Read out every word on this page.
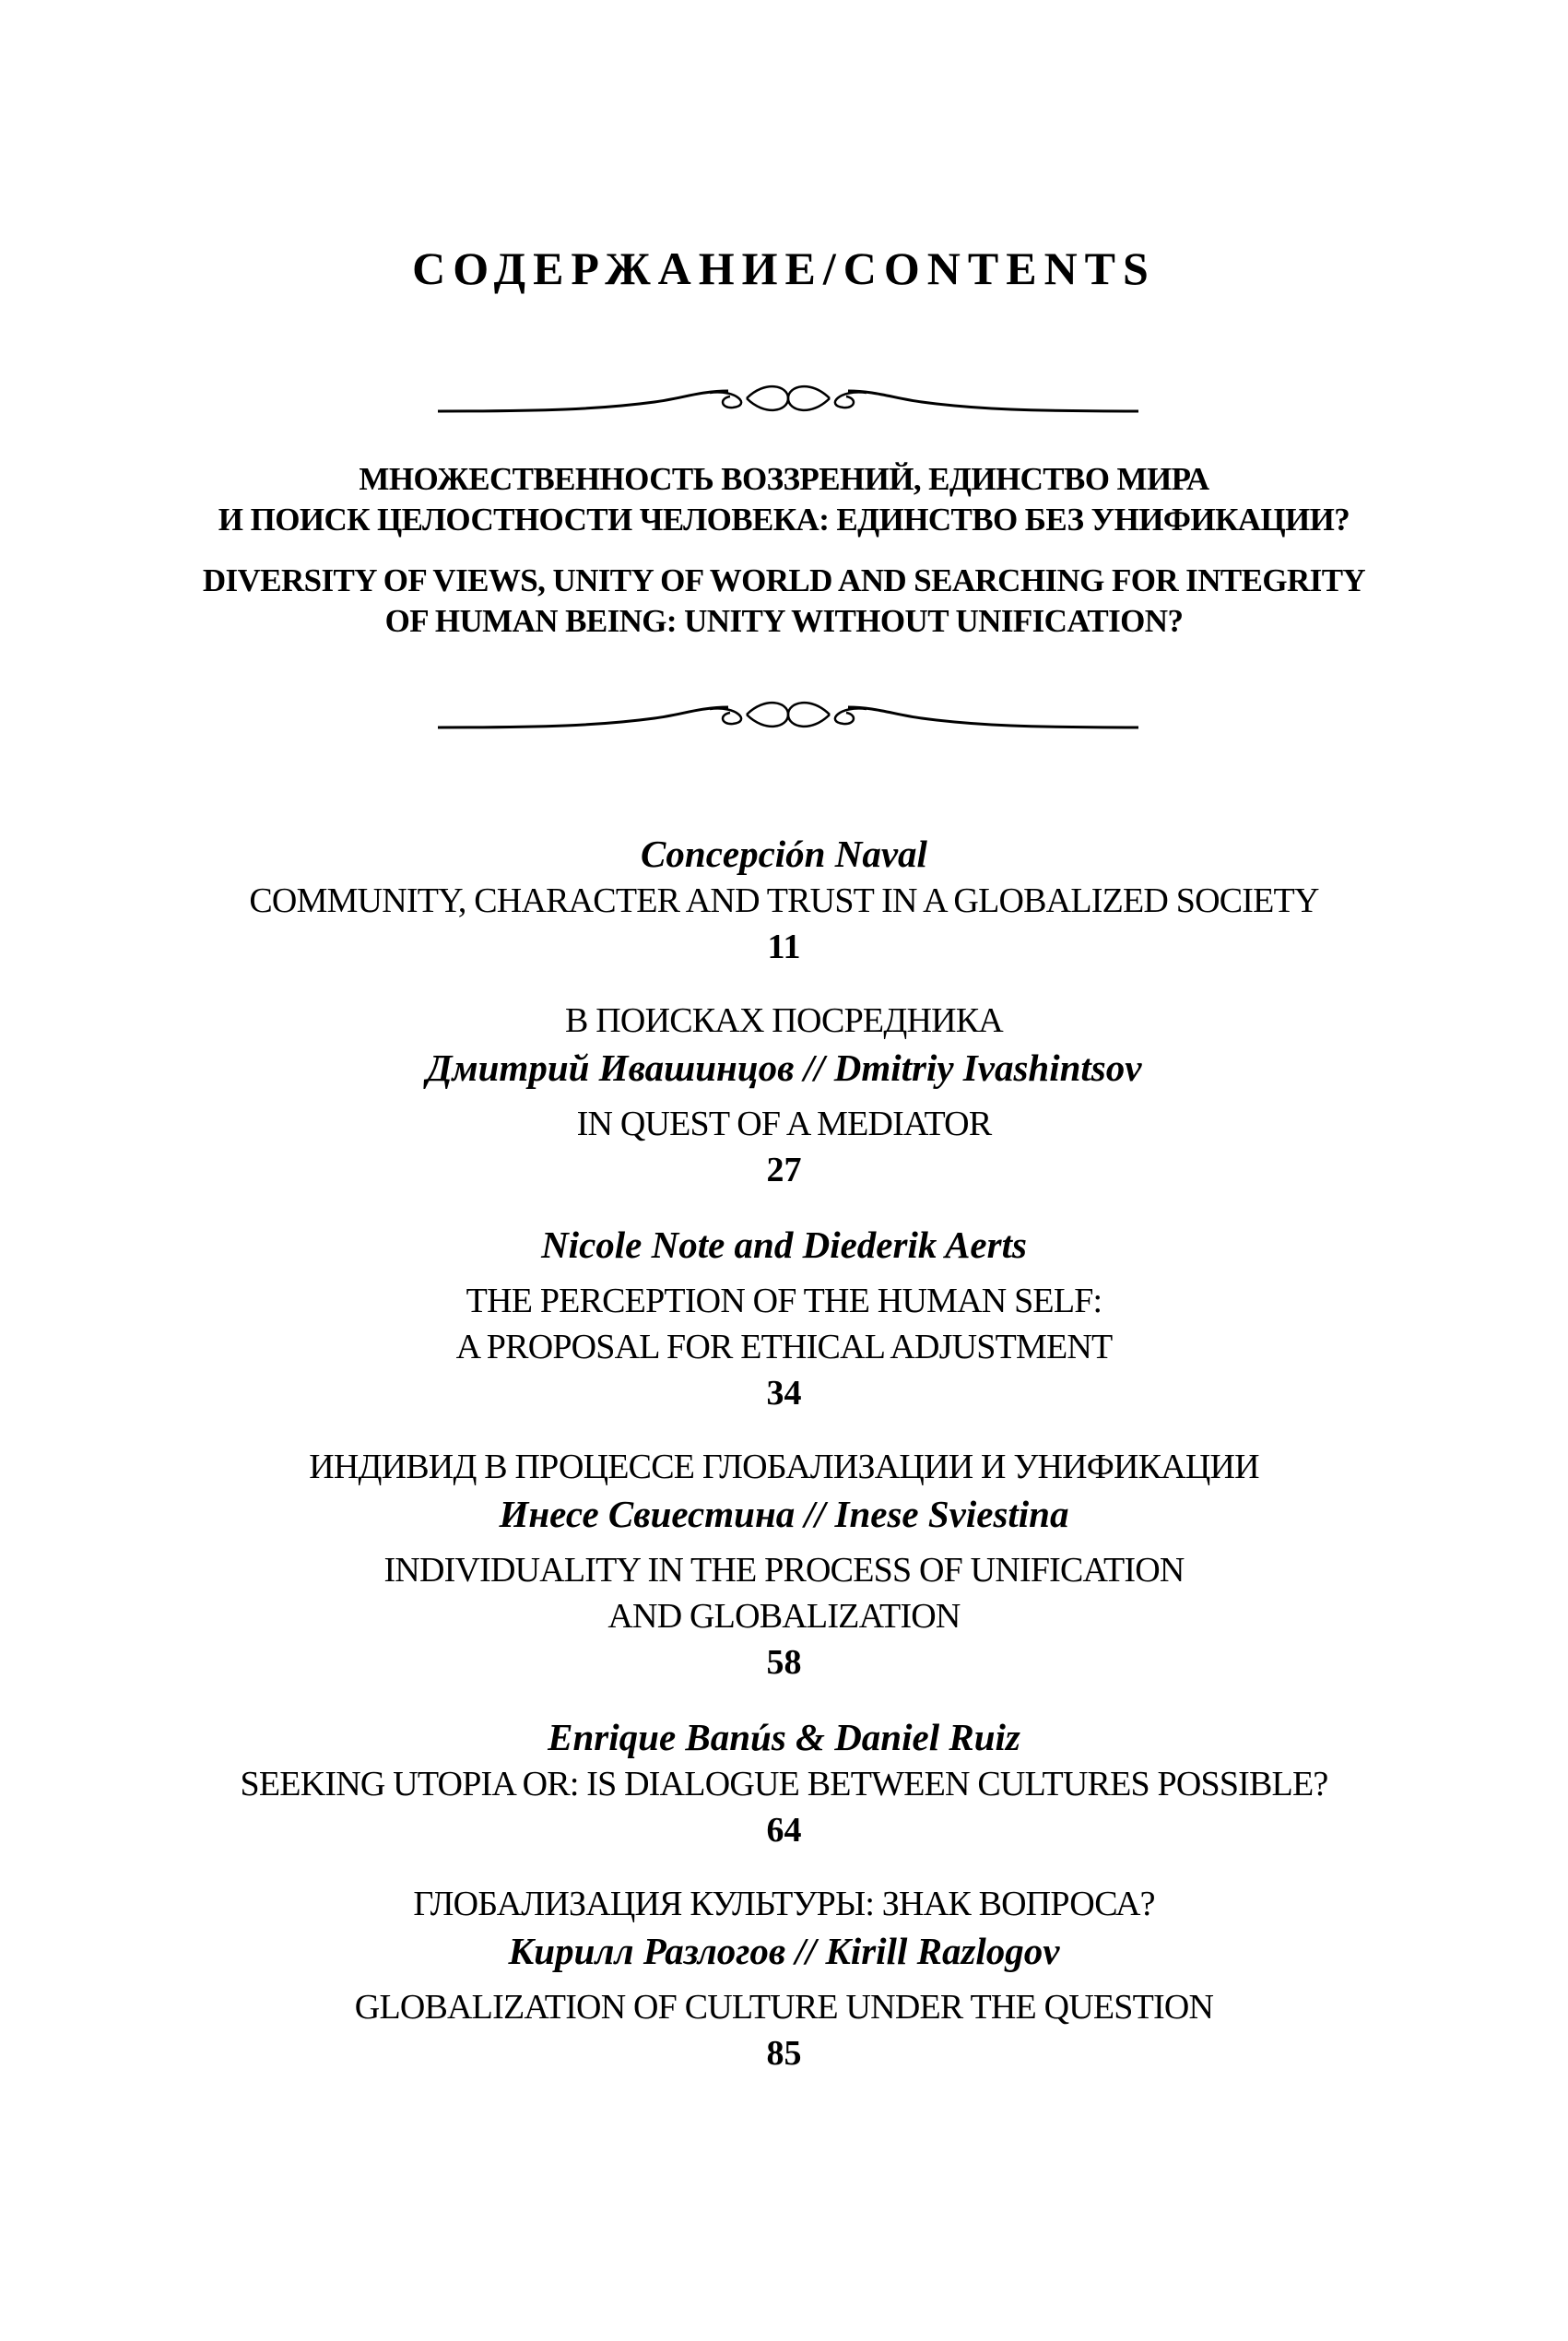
СОДЕРЖАНИЕ/CONTENTS
МНОЖЕСТВЕННОСТЬ ВОЗЗРЕНИЙ, ЕДИНСТВО МИРА
И ПОИСК ЦЕЛОСТНОСТИ ЧЕЛОВЕКА: ЕДИНСТВО БЕЗ УНИФИКАЦИИ?
DIVERSITY OF VIEWS, UNITY OF WORLD AND SEARCHING FOR INTEGRITY
OF HUMAN BEING: UNITY WITHOUT UNIFICATION?
Concepción Naval
COMMUNITY, CHARACTER AND TRUST IN A GLOBALIZED SOCIETY
11
В ПОИСКАХ ПОСРЕДНИКА
Дмитрий Ивашинцов // Dmitriy Ivashintsov
IN QUEST OF A MEDIATOR
27
Nicole Note and Diederik Aerts
THE PERCEPTION OF THE HUMAN SELF:
A PROPOSAL FOR ETHICAL ADJUSTMENT
34
ИНДИВИД В ПРОЦЕССЕ ГЛОБАЛИЗАЦИИ И УНИФИКАЦИИ
Инесе Свиестина // Inese Sviestina
INDIVIDUALITY IN THE PROCESS OF UNIFICATION
AND GLOBALIZATION
58
Enrique Banús & Daniel Ruiz
SEEKING UTOPIA OR: IS DIALOGUE BETWEEN CULTURES POSSIBLE?
64
ГЛОБАЛИЗАЦИЯ КУЛЬТУРЫ: ЗНАК ВОПРОСА?
Кирилл Разлогов // Kirill Razlogov
GLOBALIZATION OF CULTURE UNDER THE QUESTION
85
